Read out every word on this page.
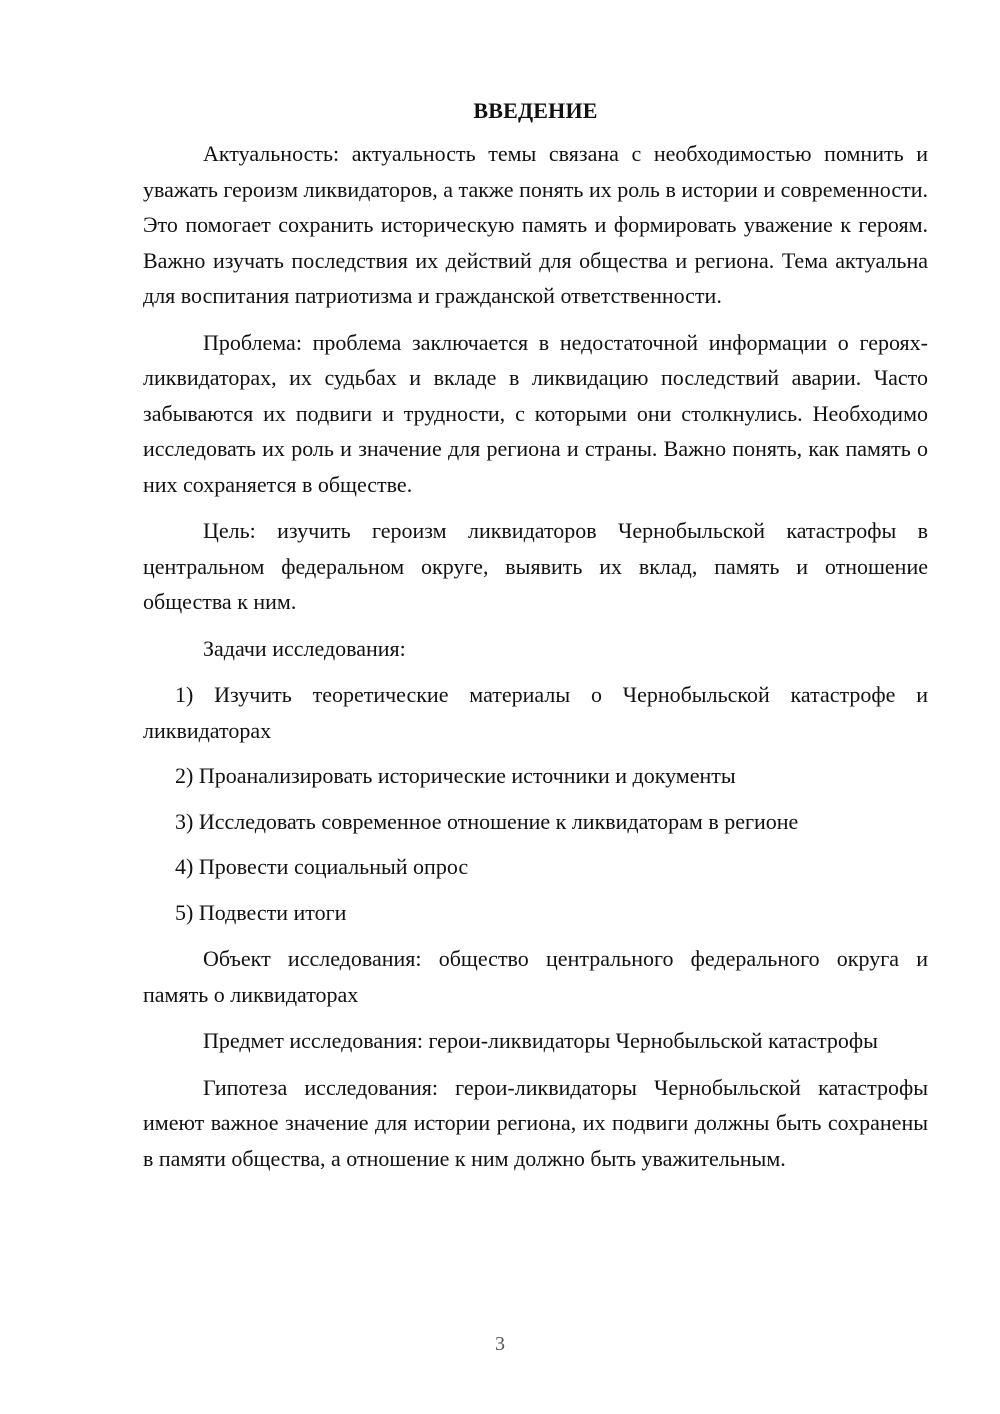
ВВЕДЕНИЕ

Актуальность: актуальность темы связана с необходимостью помнить и уважать героизм ликвидаторов, а также понять их роль в истории и современности. Это помогает сохранить историческую память и формировать уважение к героям. Важно изучать последствия их действий для общества и региона. Тема актуальна для воспитания патриотизма и гражданской ответственности.

Проблема: проблема заключается в недостаточной информации о героях-ликвидаторах, их судьбах и вкладе в ликвидацию последствий аварии. Часто забываются их подвиги и трудности, с которыми они столкнулись. Необходимо исследовать их роль и значение для региона и страны. Важно понять, как память о них сохраняется в обществе.

Цель: изучить героизм ликвидаторов Чернобыльской катастрофы в центральном федеральном округе, выявить их вклад, память и отношение общества к ним.

Задачи исследования:

1) Изучить теоретические материалы о Чернобыльской катастрофе и ликвидаторах
2) Проанализировать исторические источники и документы
3) Исследовать современное отношение к ликвидаторам в регионе
4) Провести социальный опрос
5) Подвести итоги

Объект исследования: общество центрального федерального округа и память о ликвидаторах

Предмет исследования: герои-ликвидаторы Чернобыльской катастрофы

Гипотеза исследования: герои-ликвидаторы Чернобыльской катастрофы имеют важное значение для истории региона, их подвиги должны быть сохранены в памяти общества, а отношение к ним должно быть уважительным.

3
